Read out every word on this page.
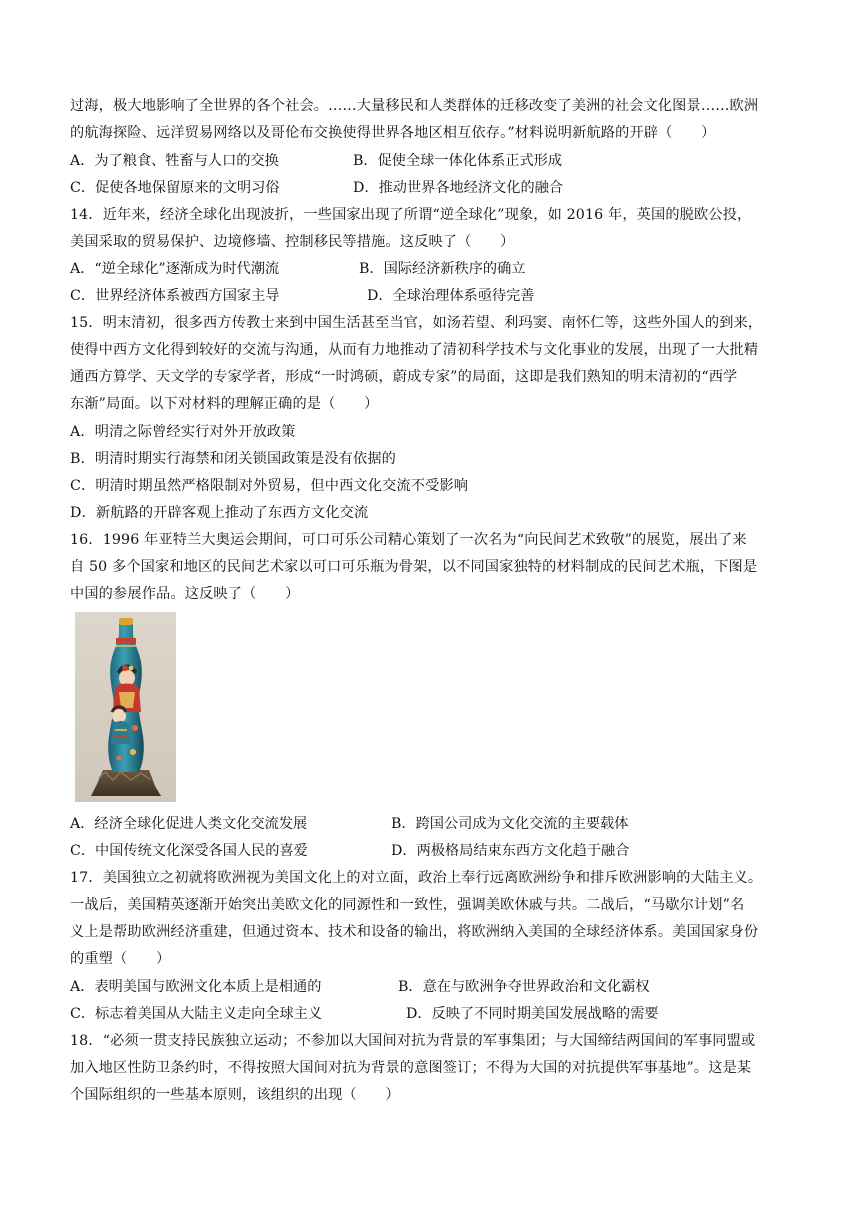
过海，极大地影响了全世界的各个社会。……大量移民和人类群体的迁移改变了美洲的社会文化图景……欧洲
的航海探险、远洋贸易网络以及哥伦布交换使得世界各地区相互依存。”材料说明新航路的开辟（　　）
A．为了粮食、牲畜与人口的交换	B．促使全球一体化体系正式形成
C．促使各地保留原来的文明习俗	D．推动世界各地经济文化的融合
14．近年来，经济全球化出现波折，一些国家出现了所谓“逆全球化”现象，如 2016 年，英国的脱欧公投，
美国采取的贸易保护、边境修墙、控制移民等措施。这反映了（　　）
A．“逆全球化”逐渐成为时代潮流	B．国际经济新秩序的确立
C．世界经济体系被西方国家主导	D．全球治理体系亟待完善
15．明末清初，很多西方传教士来到中国生活甚至当官，如汤若望、利玛窦、南怀仁等，这些外国人的到来，
使得中西方文化得到较好的交流与沟通，从而有力地推动了清初科学技术与文化事业的发展，出现了一大批精
通西方算学、天文学的专家学者，形成“一时鸿硕，蔚成专家”的局面，这即是我们熟知的明末清初的“西学
东渐”局面。以下对材料的理解正确的是（　　）
A．明清之际曾经实行对外开放政策
B．明清时期实行海禁和闭关锁国政策是没有依据的
C．明清时期虽然严格限制对外贸易，但中西文化交流不受影响
D．新航路的开辟客观上推动了东西方文化交流
16．1996 年亚特兰大奥运会期间，可口可乐公司精心策划了一次名为“向民间艺术致敬”的展览，展出了来
自 50 多个国家和地区的民间艺术家以可口可乐瓶为骨架，以不同国家独特的材料制成的民间艺术瓶，下图是
中国的参展作品。这反映了（　　）
A．经济全球化促进人类文化交流发展	B．跨国公司成为文化交流的主要载体
C．中国传统文化深受各国人民的喜爱	D．两极格局结束东西方文化趋于融合
17．美国独立之初就将欧洲视为美国文化上的对立面，政治上奉行远离欧洲纷争和排斥欧洲影响的大陆主义。
一战后，美国精英逐渐开始突出美欧文化的同源性和一致性，强调美欧休戚与共。二战后，“马歇尔计划”名
义上是帮助欧洲经济重建，但通过资本、技术和设备的输出，将欧洲纳入美国的全球经济体系。美国国家身份
的重塑（　　）
A．表明美国与欧洲文化本质上是相通的	B．意在与欧洲争夺世界政治和文化霸权
C．标志着美国从大陆主义走向全球主义	D．反映了不同时期美国发展战略的需要
18．“必须一贯支持民族独立运动；不参加以大国间对抗为背景的军事集团；与大国缔结两国间的军事同盟或
加入地区性防卫条约时，不得按照大国间对抗为背景的意图签订；不得为大国的对抗提供军事基地”。这是某
个国际组织的一些基本原则，该组织的出现（　　）
